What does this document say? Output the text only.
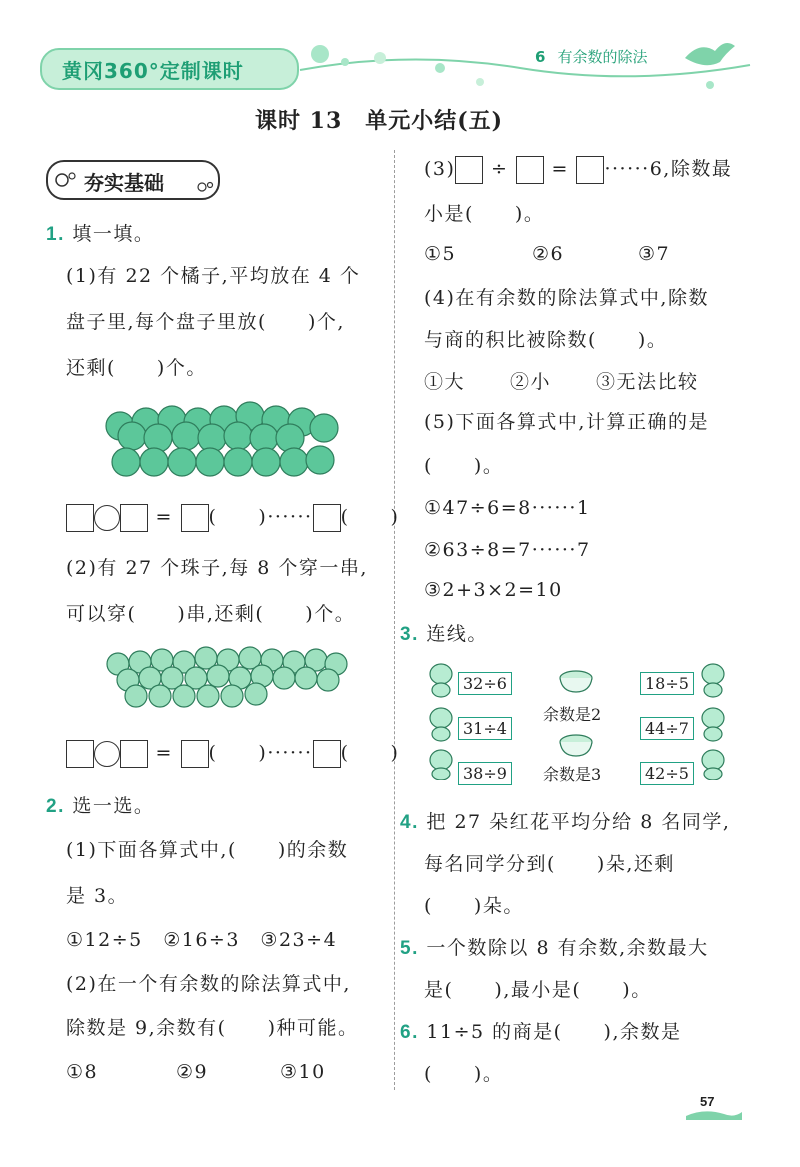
黄冈360°定制课时
6 有余数的除法
课时 13　单元小结(五)
夯实基础
1. 填一填。
(1)有 22 个橘子,平均放在 4 个
盘子里,每个盘子里放(　　)个,
还剩(　　)个。
= (　　)······ (　　)
(2)有 27 个珠子,每 8 个穿一串,
可以穿(　　)串,还剩(　　)个。
= (　　)······ (　　)
2. 选一选。
(1)下面各算式中,(　　)的余数
是 3。
①12÷5　②16÷3　③23÷4
(2)在一个有余数的除法算式中,
除数是 9,余数有(　　)种可能。
①8	②9	③10
(3) ÷ = ······6,除数最
小是(　　)。
①5	②6	③7
(4)在有余数的除法算式中,除数
与商的积比被除数(　　)。
①大 ②小 ③无法比较
(5)下面各算式中,计算正确的是
(　　)。
①47÷6=8······1
②63÷8=7······7
③2+3×2=10
3. 连线。
32÷6
31÷4
38÷9
余数是2
余数是3
18÷5
44÷7
42÷5
4. 把 27 朵红花平均分给 8 名同学,
每名同学分到(　　)朵,还剩
(　　)朵。
5. 一个数除以 8 有余数,余数最大
是(　　),最小是(　　)。
6. 11÷5 的商是(　　),余数是
(　　)。
57
